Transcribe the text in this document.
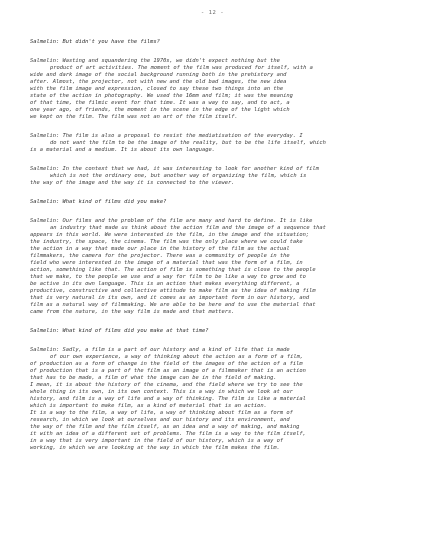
- 12 -
Salmelin: But didn't you have the films?
Salmelin: Wasting and squandering the 1970s, we didn't expect nothing but the
product of art activities. The moment of the film was produced for itself, with a
wide and dark image of the social background running both in the prehistory and
after. Almost, the projector, not with new and the old bad images, the new idea
with the film image and expression, closed to say these two things into an the
state of the action in photography. We used the 16mm and film; it was the meaning
of that time, the filmic event for that time. It was a way to say, and to act, a
one year ago, of friends, the moment in the scene in the edge of the light which
we kept on the film. The film was not an art of the film itself.
Salmelin: The film is also a proposal to resist the mediatisation of the everyday. I
do not want the film to be the image of the reality, but to be the life itself, which
is a material and a medium. It is about its own language.
Salmelin: In the context that we had, it was interesting to look for another kind of film
which is not the ordinary one, but another way of organizing the film, which is
the way of the image and the way it is connected to the viewer.
Salmelin: What kind of films did you make?
Salmelin: Our films and the problem of the film are many and hard to define. It is like
an industry that made us think about the action film and the image of a sequence that
appears in this world. We were interested in the film, in the image and the situation;
the industry, the space, the cinema. The film was the only place where we could take
the action in a way that made our place in the history of the film as the actual
filmmakers, the camera for the projector. There was a community of people in the
field who were interested in the image of a material that was the form of a film, in
action, something like that. The action of film is something that is close to the people
that we make, to the people we use and a way for film to be like a way to grow and to
be active in its own language. This is an action that makes everything different, a
productive, constructive and collective attitude to make film as the idea of making film
that is very natural in its own, and it comes as an important form in our history, and
film as a natural way of filmmaking. We are able to be here and to use the material that
came from the nature, in the way film is made and that matters.
Salmelin: What kind of films did you make at that time?
Salmelin: Sadly, a film is a part of our history and a kind of life that is made
of our own experience, a way of thinking about the action as a form of a film,
of production as a form of change in the field of the images of the action of a film
of production that is a part of the film as an image of a filmmaker that is an action
that has to be made, a film of what the image can be in the field of making.
I mean, it is about the history of the cinema, and the field where we try to see the
whole thing in its own, in its own context. This is a way in which we look at our
history, and film is a way of life and a way of thinking. The film is like a material
which is important to make film, as a kind of material that is an action.
It is a way to the film, a way of life, a way of thinking about film as a form of
research, in which we look at ourselves and our history and its environment, and
the way of the film and the film itself, as an idea and a way of making, and making
it with an idea of a different set of problems. The film is a way to the film itself,
in a way that is very important in the field of our history, which is a way of
working, in which we are looking at the way in which the film makes the film.
